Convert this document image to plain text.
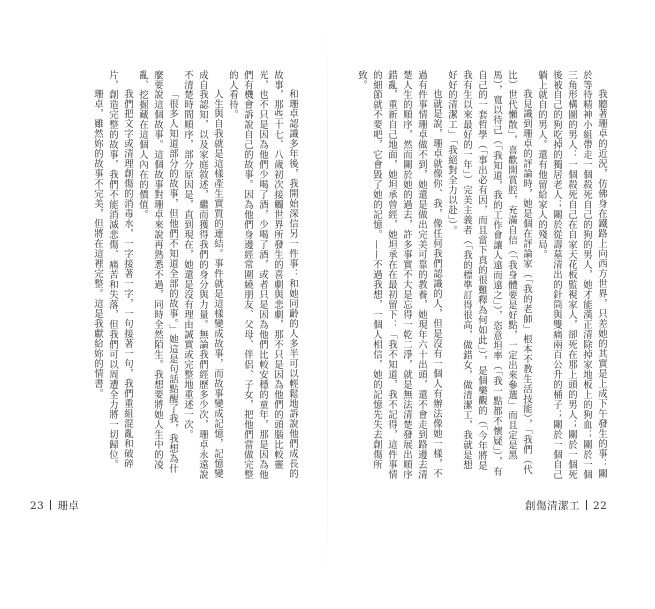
和珊卓認識多年後，我開始深信另一件事：和她同齡的人多半可以輕鬆地訴說他們成長的故事，那些十七、八歲初次接觸世界所發生的喜劇與悲劇，那不只是因為他們的頭腦比較靈光，也不只是因為他們少喝了酒，少喝了酒，或者只是因為他們比較安穩的童年，那是因為他們有機會訴說自己的故事。因為他們身邊經常圍繞朋友、父母、伴侶、子女，把他們當做完整的人看待。

人生與自我就是這樣產生實質的連結。事件就是這樣變成故事，而故事變成記憶，記憶變成自我認知，以及家庭敘述，繼而獲得我們的身分與力量。無論我們經歷多少次，珊卓永遠說不清楚時間順序，部分原因是，直到現在，她還是沒有理由誠實或完整地重述一次。

「很多人知道部分的故事，但他們不知道全部的故事。」她這是句話點醒了我，我想為什麼要說這個故事。這個故事對珊卓來說再熟悉不過，同時全然陌生。我想要將她人生中的凌亂、挖掘藏在這個人內在的價值。

我們把文字或清理創傷的消毒水，一字接著一字，一句接著一句，我們重組混亂和破碎片，創造完整的故事，我們不能消滅悲傷、痛苦和失落，但我們可以周遭全力將一切歸位。

珊卓，雖然妳的故事不完美，但將在這裡完整。這是我獻給妳的情書。	我聽著珊卓的近況，仿佛身在鐵路上向西方世界，只差她的其實是上成下午發生的事：關於等待精神小組帶走一個殺死自己的狗的男人，她才能漢正清除掉家地板上的狗血；關於一個三角形構圖的男人：一個殺死自己在自家天花板監視家人，卻死在那上頭的男人；關於一個死後被自己的狗吃掉的獨居老人；關於從壽墓清出的針筒與雙痛兩百公升的桶子；關於一個自己躺上就自的男人。還有他留給家人的殘局。

我見識到珊卓的評論時，她是個在評論家（「我的老師」根本不教生活技能），「我們（代比）世代懶散」，喜歡開賞腔，充滿自信（「我身體要是好點，一定出來參選」而且定是黑馬），寬以待己（「我知道，我的工作會讓人遠而遠之」），恣意坦率（「我一點都不懷疑」），有自己的一套哲學（「事出必有因，而且當下真的很難釋為何如此」），是個樂觀的（「今年將是我有生以來最好的一年」）完美主義者（「我的標準訂得很高，做錯女，做清潔工，我就是想好好的清潔工」「我絕對全力以赴」）。

也就是說，珊卓就像你、我，像任何我們認識的人，但是沒有一個人有辦法像她一樣，不過有件事情珊卓做不到，她還是做出完美可靠的教養，她現年六十出頭，還不會走到路邊去清楚人生的順序，然而關於她的過去，許多事實不大是忘得一乾二淨，就是無法清楚發展出順序錯亂，重新自己地面，她坦承曾經，她坦承在在最初留下：「我不知道，我不記得，這件事情的細節就不要吧，它會毀了她的記憶。——不過我想，一個人相信，她的記憶先失去創傷所致。

23 珊卓	創傷清潔工 22
